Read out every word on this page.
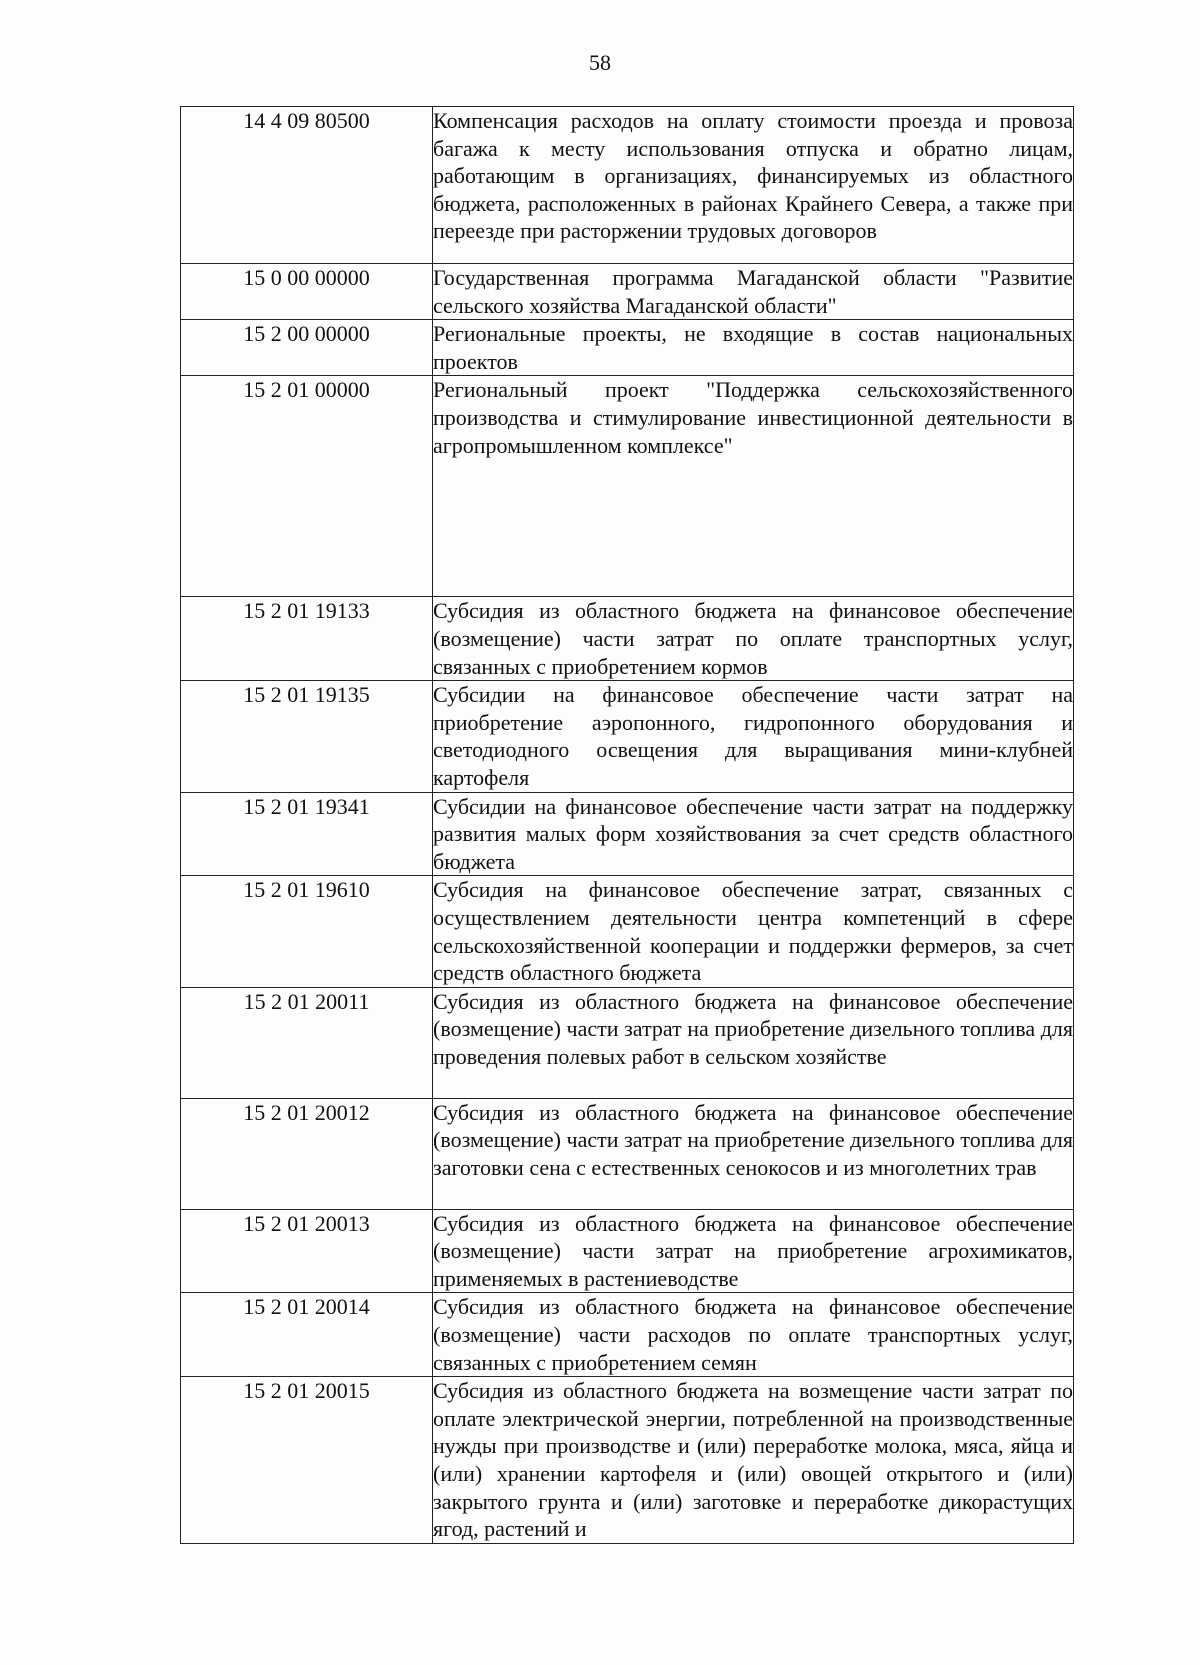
58
14 4 09 80500	Компенсация расходов на оплату стоимости проезда и провоза багажа к месту использования отпуска и обратно лицам, работающим в организациях, финансируемых из областного бюджета, расположенных в районах Крайнего Севера, а также при переезде при расторжении трудовых договоров

15 0 00 00000	Государственная программа Магаданской области "Развитие сельского хозяйства Магаданской области"

15 2 00 00000	Региональные проекты, не входящие в состав национальных проектов

15 2 01 00000	Региональный проект "Поддержка сельскохозяйственного производства и стимулирование инвестиционной деятельности в агропромышленном комплексе"

15 2 01 19133	Субсидия из областного бюджета на финансовое обеспечение (возмещение) части затрат по оплате транспортных услуг, связанных с приобретением кормов

15 2 01 19135	Субсидии на финансовое обеспечение части затрат на приобретение аэропонного, гидропонного оборудования и светодиодного освещения для выращивания мини-клубней картофеля

15 2 01 19341	Субсидии на финансовое обеспечение части затрат на поддержку развития малых форм хозяйствования за счет средств областного бюджета

15 2 01 19610	Субсидия на финансовое обеспечение затрат, связанных с осуществлением деятельности центра компетенций в сфере сельскохозяйственной кооперации и поддержки фермеров, за счет средств областного бюджета

15 2 01 20011	Субсидия из областного бюджета на финансовое обеспечение (возмещение) части затрат на приобретение дизельного топлива для проведения полевых работ в сельском хозяйстве

15 2 01 20012	Субсидия из областного бюджета на финансовое обеспечение (возмещение) части затрат на приобретение дизельного топлива для заготовки сена с естественных сенокосов и из многолетних трав

15 2 01 20013	Субсидия из областного бюджета на финансовое обеспечение (возмещение) части затрат на приобретение агрохимикатов, применяемых в растениеводстве

15 2 01 20014	Субсидия из областного бюджета на финансовое обеспечение (возмещение) части расходов по оплате транспортных услуг, связанных с приобретением семян

15 2 01 20015	Субсидия из областного бюджета на возмещение части затрат по оплате электрической энергии, потребленной на производственные нужды при производстве и (или) переработке молока, мяса, яйца и (или) хранении картофеля и (или) овощей открытого и (или) закрытого грунта и (или) заготовке и переработке дикорастущих ягод, растений и
